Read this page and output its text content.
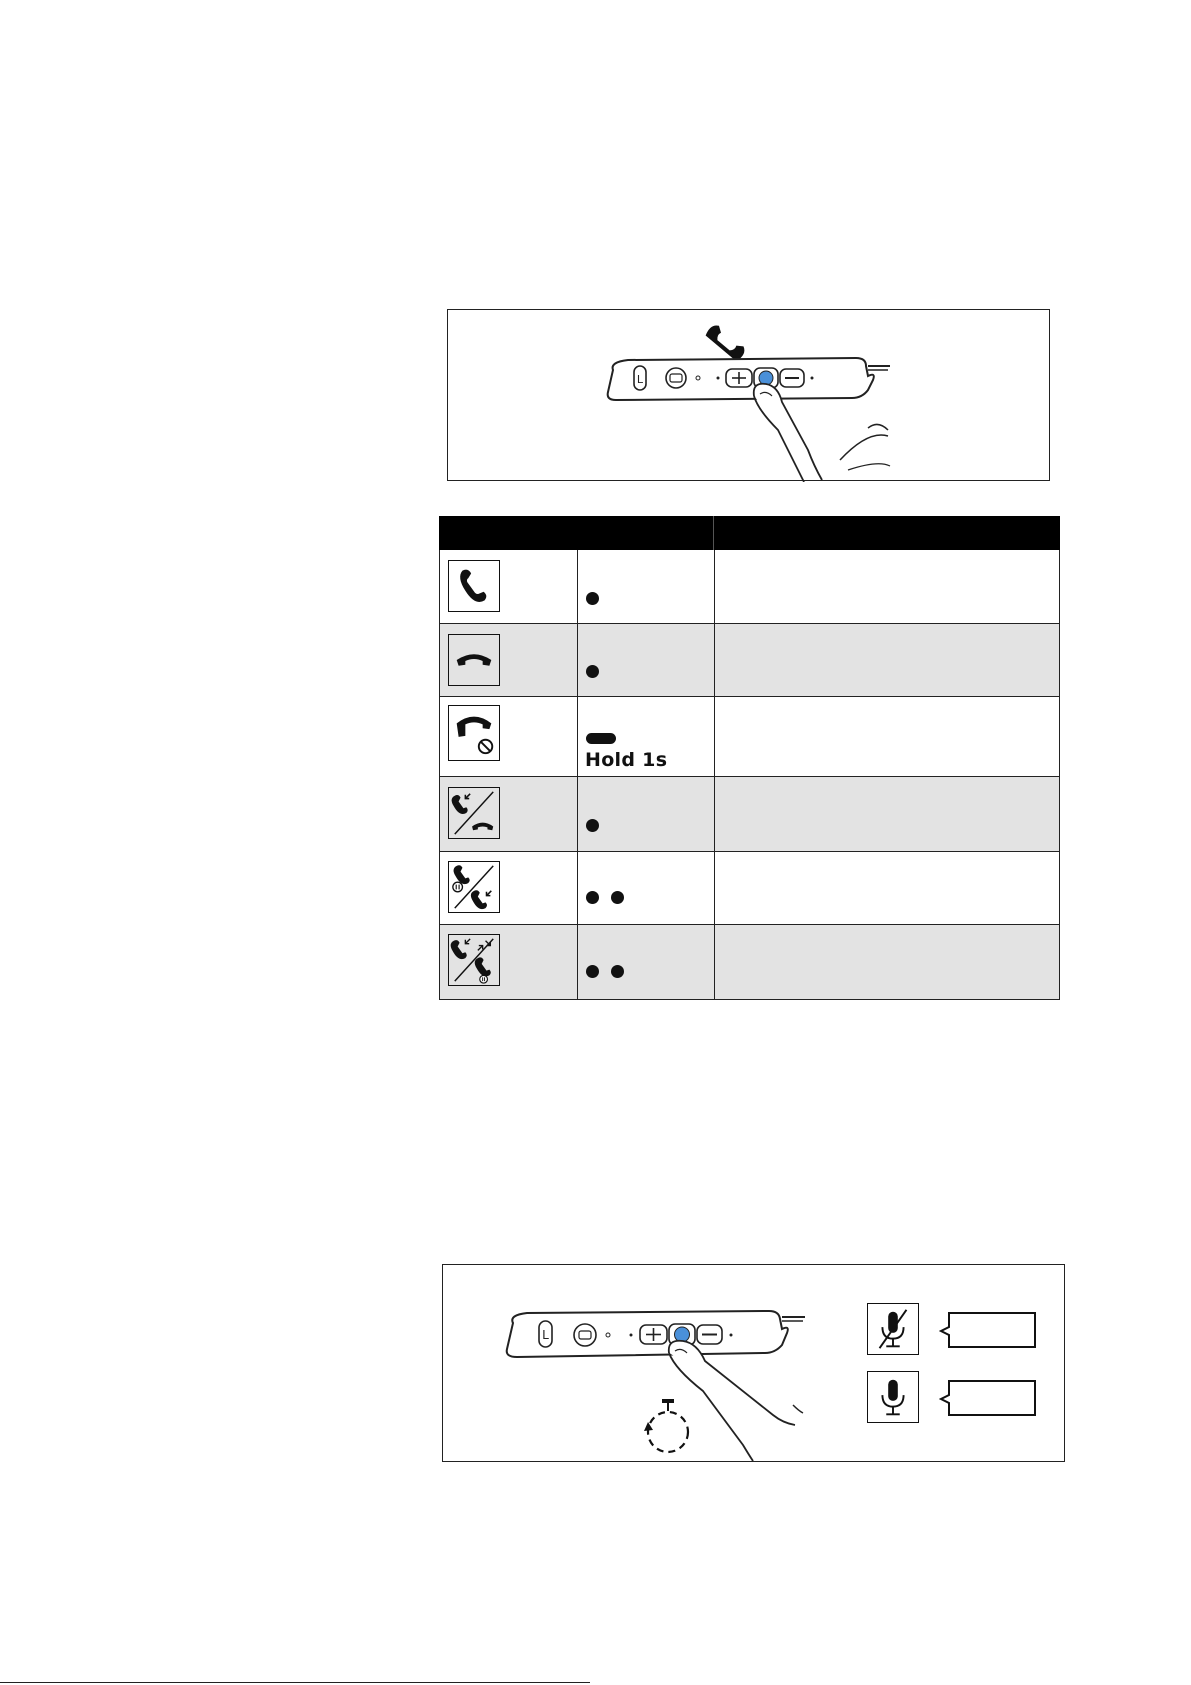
L
Hold 1s
L
